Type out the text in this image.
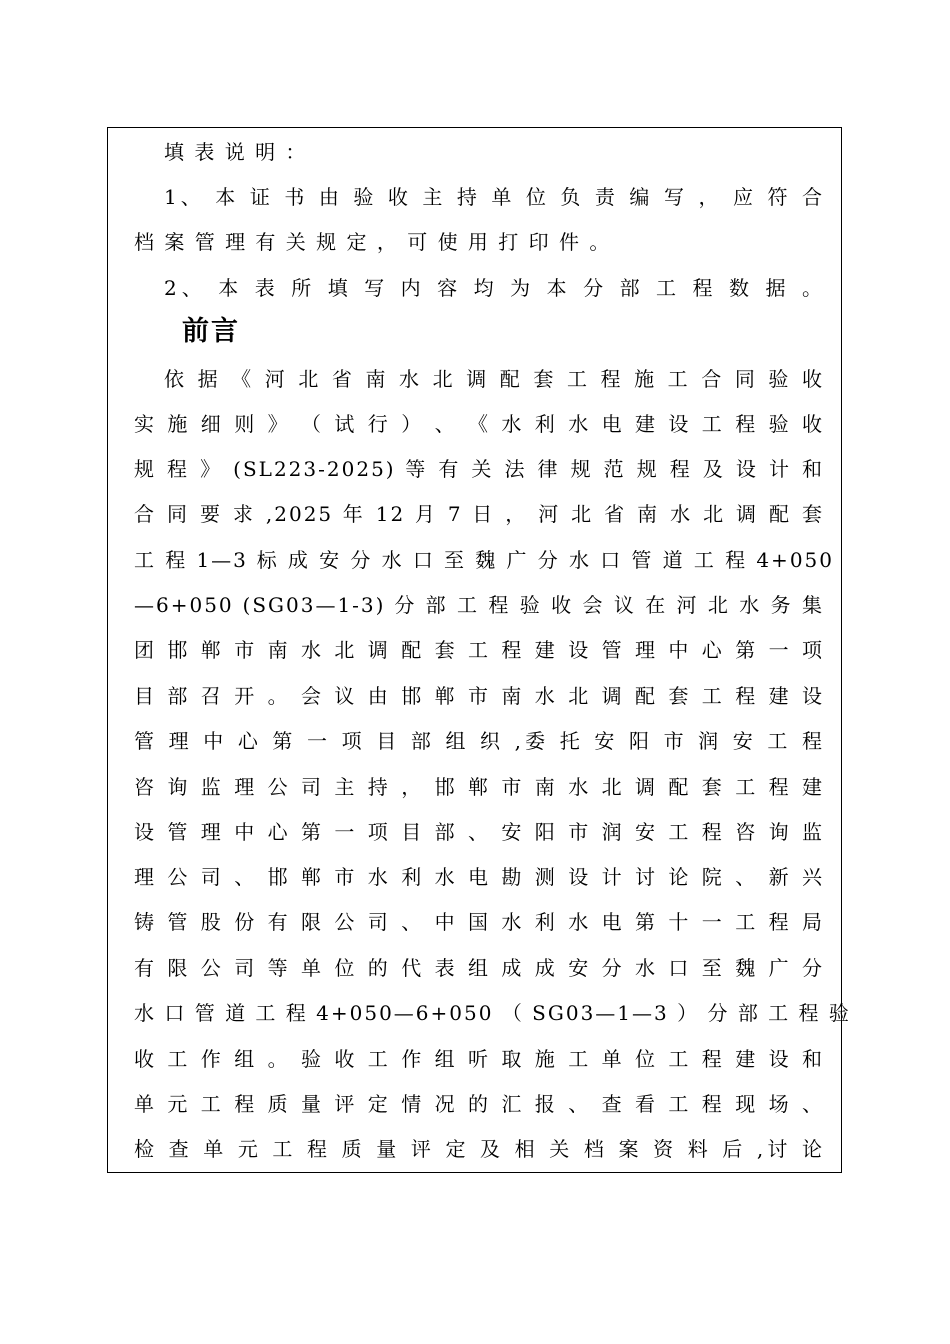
填 表 说 明 ：
1、 本 证 书 由 验 收 主 持 单 位 负 责 编 写 ， 应 符 合
档 案 管 理 有 关 规 定 ， 可 使 用 打 印 件 。
2、 本 表 所 填 写 内 容 均 为 本 分 部 工 程 数 据 。
前言
依 据 《 河 北 省 南 水 北 调 配 套 工 程 施 工 合 同 验 收
实 施 细 则 》 （ 试 行 ） 、 《 水 利 水 电 建 设 工 程 验 收
规 程 》 (SL223-2025) 等 有 关 法 律 规 范 规 程 及 设 计 和
合 同 要 求 ,2025 年 12 月 7 日 ， 河 北 省 南 水 北 调 配 套
工 程 1—3 标 成 安 分 水 口 至 魏 广 分 水 口 管 道 工 程 4+050
—6+050 (SG03—1-3) 分 部 工 程 验 收 会 议 在 河 北 水 务 集
团 邯 郸 市 南 水 北 调 配 套 工 程 建 设 管 理 中 心 第 一 项
目 部 召 开 。 会 议 由 邯 郸 市 南 水 北 调 配 套 工 程 建 设
管 理 中 心 第 一 项 目 部 组 织 ,委 托 安 阳 市 润 安 工 程
咨 询 监 理 公 司 主 持 ， 邯 郸 市 南 水 北 调 配 套 工 程 建
设 管 理 中 心 第 一 项 目 部 、 安 阳 市 润 安 工 程 咨 询 监
理 公 司 、 邯 郸 市 水 利 水 电 勘 测 设 计 讨 论 院 、 新 兴
铸 管 股 份 有 限 公 司 、 中 国 水 利 水 电 第 十 一 工 程 局
有 限 公 司 等 单 位 的 代 表 组 成 成 安 分 水 口 至 魏 广 分
水 口 管 道 工 程 4+050—6+050 （ SG03—1—3 ） 分 部 工 程 验
收 工 作 组 。 验 收 工 作 组 听 取 施 工 单 位 工 程 建 设 和
单 元 工 程 质 量 评 定 情 况 的 汇 报 、 查 看 工 程 现 场 、
检 查 单 元 工 程 质 量 评 定 及 相 关 档 案 资 料 后 ,讨 论
